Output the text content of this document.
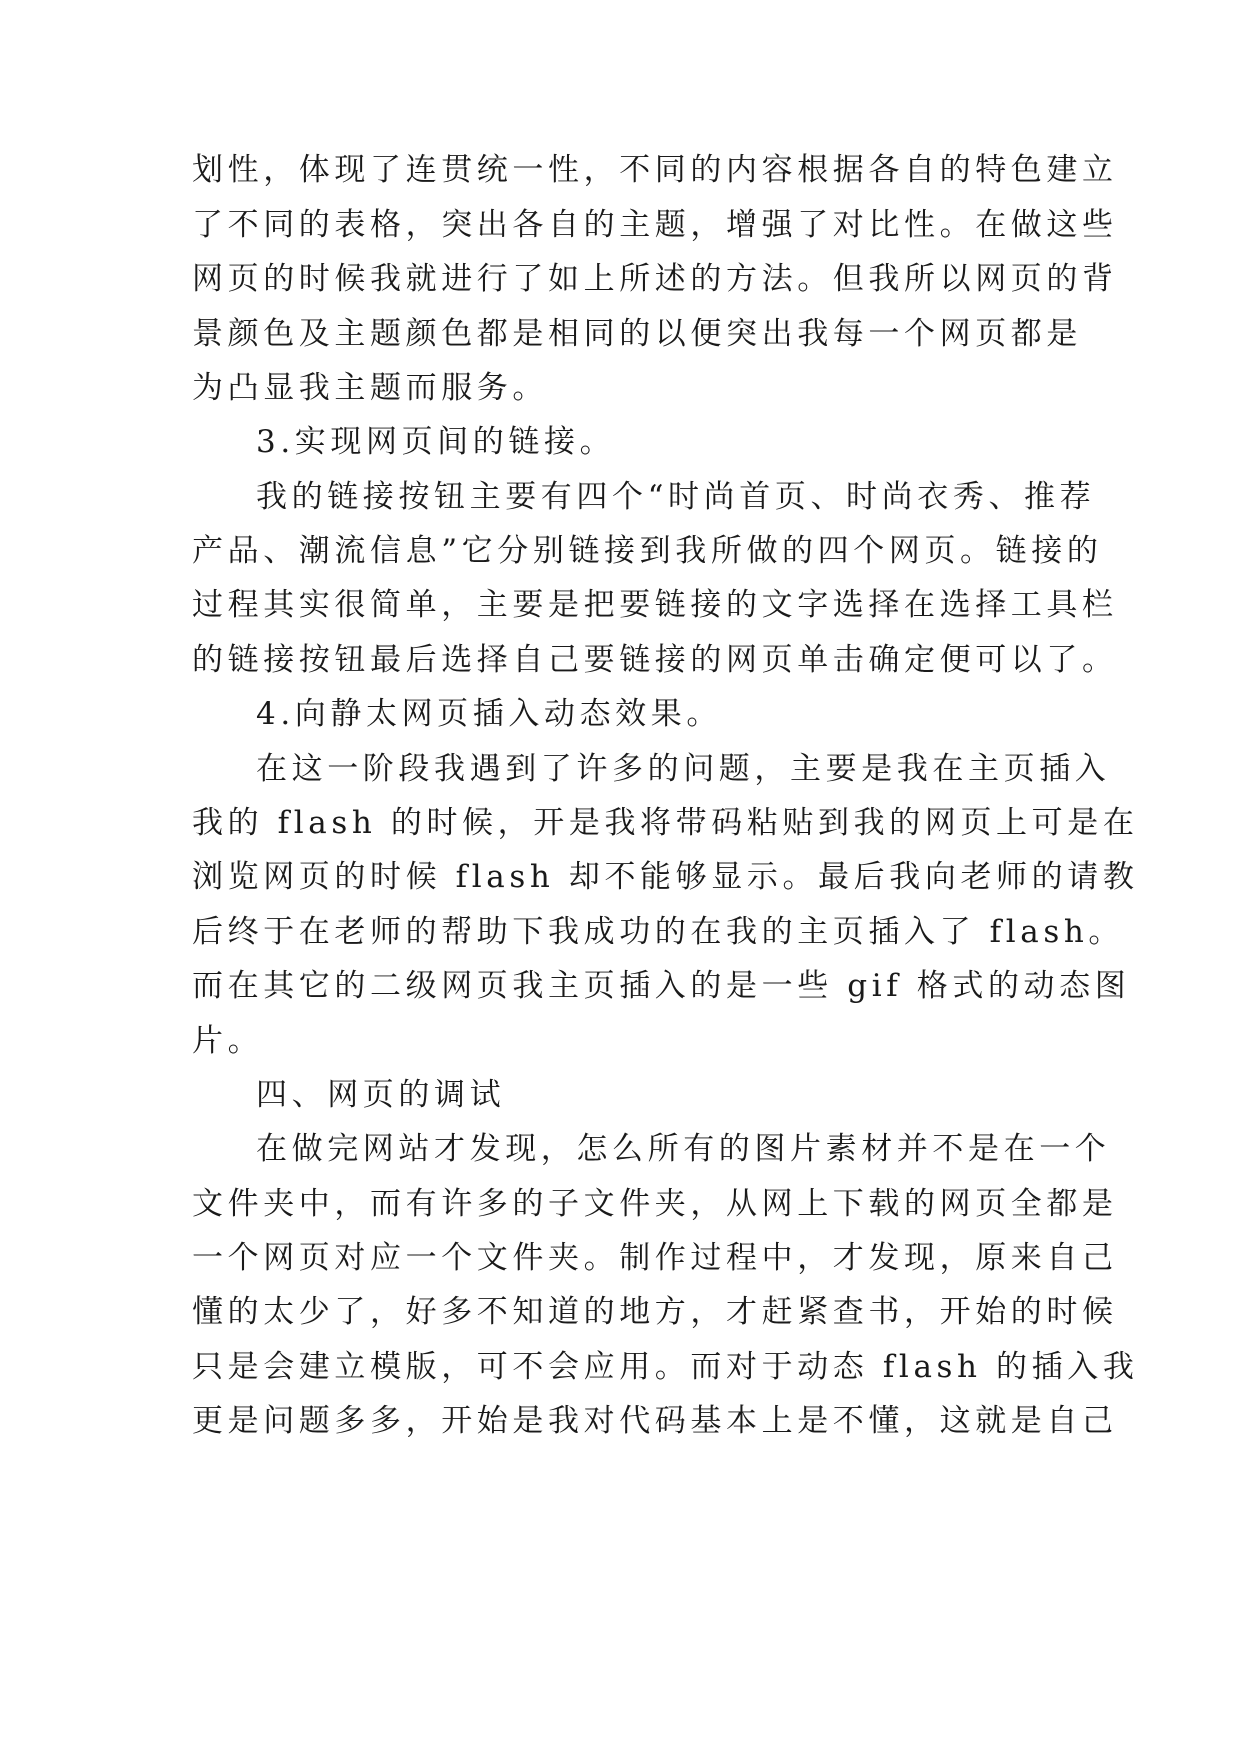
划性，体现了连贯统一性，不同的内容根据各自的特色建立
了不同的表格，突出各自的主题，增强了对比性。在做这些
网页的时候我就进行了如上所述的方法。但我所以网页的背
景颜色及主题颜色都是相同的以便突出我每一个网页都是
为凸显我主题而服务。
3.实现网页间的链接。
我的链接按钮主要有四个“时尚首页、时尚衣秀、推荐
产品、潮流信息”它分别链接到我所做的四个网页。链接的
过程其实很简单，主要是把要链接的文字选择在选择工具栏
的链接按钮最后选择自己要链接的网页单击确定便可以了。
4.向静太网页插入动态效果。
在这一阶段我遇到了许多的问题，主要是我在主页插入
我的 flash 的时候，开是我将带码粘贴到我的网页上可是在
浏览网页的时候 flash 却不能够显示。最后我向老师的请教
后终于在老师的帮助下我成功的在我的主页插入了 flash。
而在其它的二级网页我主页插入的是一些 gif 格式的动态图
片。
四、网页的调试
在做完网站才发现，怎么所有的图片素材并不是在一个
文件夹中，而有许多的子文件夹，从网上下载的网页全都是
一个网页对应一个文件夹。制作过程中，才发现，原来自己
懂的太少了，好多不知道的地方，才赶紧查书，开始的时候
只是会建立模版，可不会应用。而对于动态 flash 的插入我
更是问题多多，开始是我对代码基本上是不懂，这就是自己
